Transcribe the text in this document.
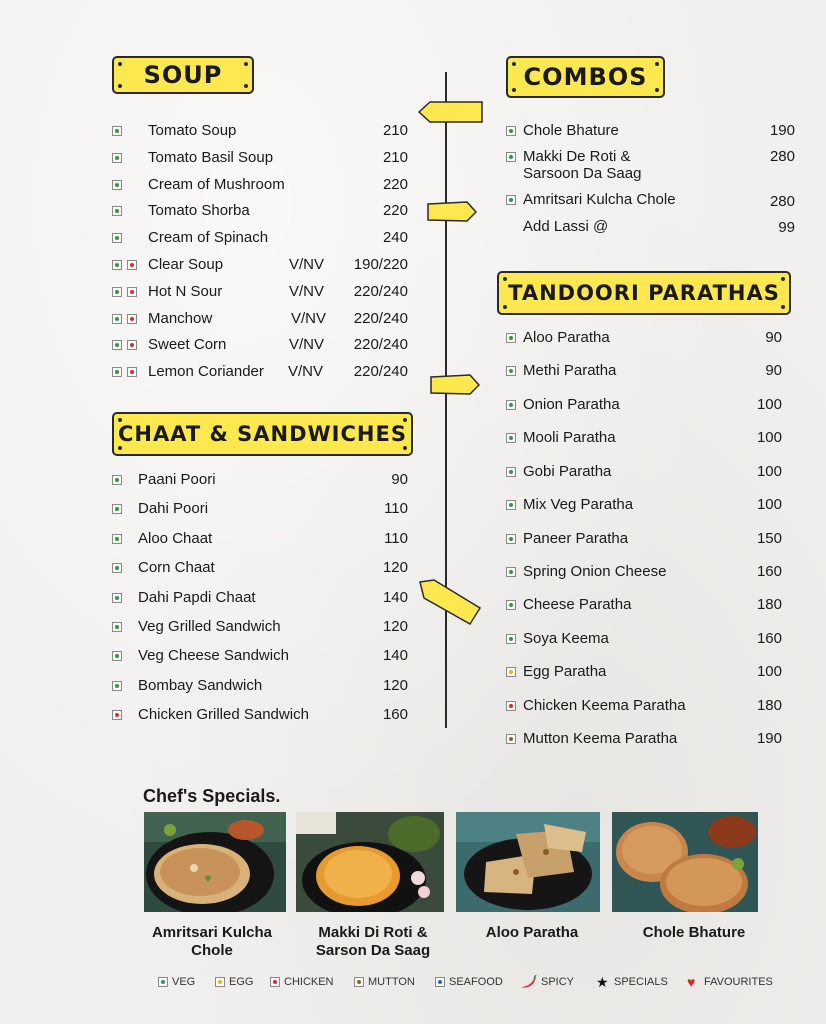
SOUP	COMBOS
CHAAT & SANDWICHES
TANDOORI PARATHAS
Tomato Soup	210
Tomato Basil Soup	210
Cream of Mushroom	220
Tomato Shorba	220
Cream of Spinach	240
Clear Soup	V/NV 190/220
Hot N Sour	V/NV 220/240
Manchow	V/NV 220/240
Sweet Corn	V/NV 220/240
Lemon Coriander V/NV 220/240
Paani Poori	90
Dahi Poori	110
Aloo Chaat	110
Corn Chaat	120
Dahi Papdi Chaat	140
Veg Grilled Sandwich	120
Veg Cheese Sandwich	140
Bombay Sandwich	120
Chicken Grilled Sandwich	160
Chole Bhature	190
Makki De Roti &
Sarsoon Da Saag
280
Amritsari Kulcha Chole	280
Add Lassi @	99
Aloo Paratha	90
Methi Paratha	90
Onion Paratha	100
Mooli Paratha	100
Gobi Paratha	100
Mix Veg Paratha	100
Paneer Paratha	150
Spring Onion Cheese	160
Cheese Paratha	180
Soya Keema	160
Egg Paratha	100
Chicken Keema Paratha	180
Mutton Keema Paratha	190
Chef's Specials.
Amritsari Kulcha
Chole
Makki Di Roti &
Sarson Da Saag
Aloo Paratha	Chole Bhature
VEG	EGG	CHICKEN	MUTTON	SEAFOOD	SPICY ★ SPECIALS ♥ FAVOURITES
